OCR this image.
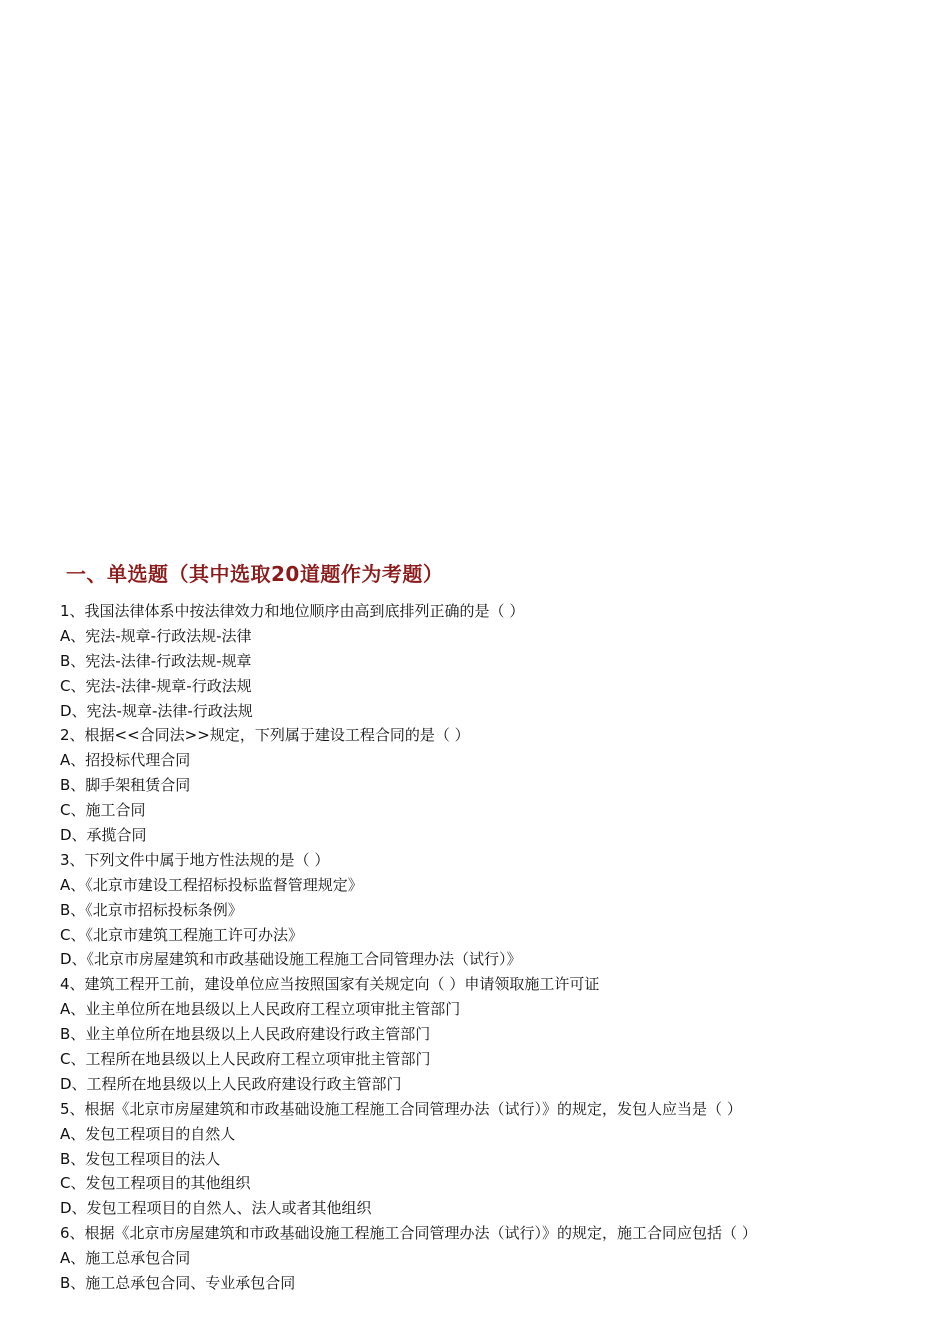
一、单选题（其中选取20道题作为考题）
1、我国法律体系中按法律效力和地位顺序由高到底排列正确的是（ ）
A、宪法-规章-行政法规-法律
B、宪法-法律-行政法规-规章
C、宪法-法律-规章-行政法规
D、宪法-规章-法律-行政法规
2、根据<<合同法>>规定，下列属于建设工程合同的是（ ）
A、招投标代理合同
B、脚手架租赁合同
C、施工合同
D、承揽合同
3、下列文件中属于地方性法规的是（ ）
A、《北京市建设工程招标投标监督管理规定》
B、《北京市招标投标条例》
C、《北京市建筑工程施工许可办法》
D、《北京市房屋建筑和市政基础设施工程施工合同管理办法（试行）》
4、建筑工程开工前，建设单位应当按照国家有关规定向（ ）申请领取施工许可证
A、业主单位所在地县级以上人民政府工程立项审批主管部门
B、业主单位所在地县级以上人民政府建设行政主管部门
C、工程所在地县级以上人民政府工程立项审批主管部门
D、工程所在地县级以上人民政府建设行政主管部门
5、根据《北京市房屋建筑和市政基础设施工程施工合同管理办法（试行）》的规定，发包人应当是（ ）
A、发包工程项目的自然人
B、发包工程项目的法人
C、发包工程项目的其他组织
D、发包工程项目的自然人、法人或者其他组织
6、根据《北京市房屋建筑和市政基础设施工程施工合同管理办法（试行）》的规定，施工合同应包括（ ）
A、施工总承包合同
B、施工总承包合同、专业承包合同
